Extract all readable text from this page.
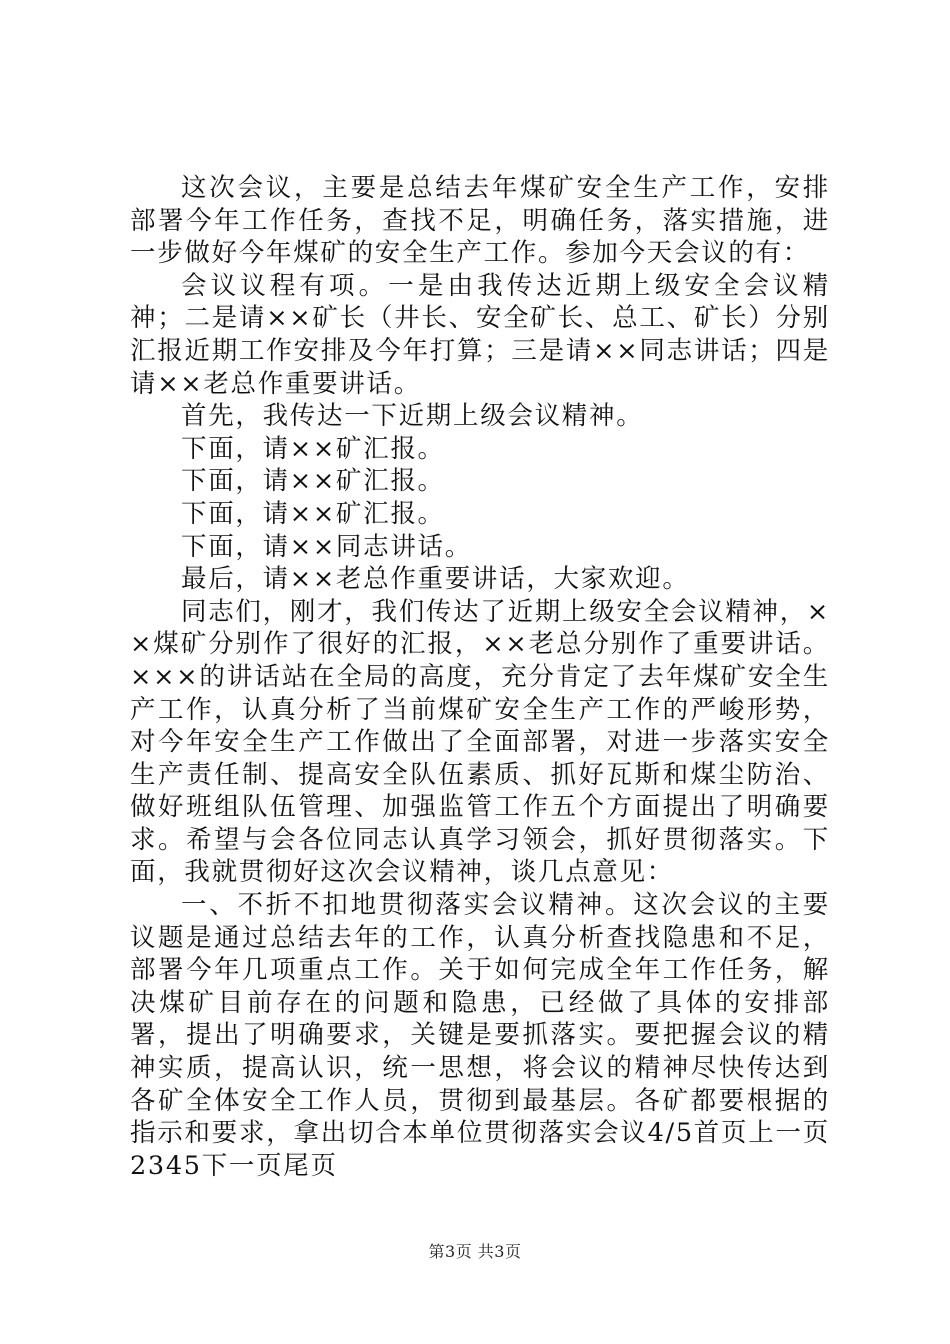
这次会议，主要是总结去年煤矿安全生产工作，安排部署今年工作任务，查找不足，明确任务，落实措施，进一步做好今年煤矿的安全生产工作。参加今天会议的有：

会议议程有项。一是由我传达近期上级安全会议精神；二是请××矿长（井长、安全矿长、总工、矿长）分别汇报近期工作安排及今年打算；三是请××同志讲话；四是请××老总作重要讲话。

首先，我传达一下近期上级会议精神。

下面，请××矿汇报。

下面，请××矿汇报。

下面，请××矿汇报。

下面，请××同志讲话。

最后，请××老总作重要讲话，大家欢迎。

同志们，刚才，我们传达了近期上级安全会议精神，××煤矿分别作了很好的汇报，××老总分别作了重要讲话。×××的讲话站在全局的高度，充分肯定了去年煤矿安全生产工作，认真分析了当前煤矿安全生产工作的严峻形势，对今年安全生产工作做出了全面部署，对进一步落实安全生产责任制、提高安全队伍素质、抓好瓦斯和煤尘防治、做好班组队伍管理、加强监管工作五个方面提出了明确要求。希望与会各位同志认真学习领会，抓好贯彻落实。下面，我就贯彻好这次会议精神，谈几点意见：

一、不折不扣地贯彻落实会议精神。这次会议的主要议题是通过总结去年的工作，认真分析查找隐患和不足，部署今年几项重点工作。关于如何完成全年工作任务，解决煤矿目前存在的问题和隐患，已经做了具体的安排部署，提出了明确要求，关键是要抓落实。要把握会议的精神实质，提高认识，统一思想，将会议的精神尽快传达到各矿全体安全工作人员，贯彻到最基层。各矿都要根据的指示和要求，拿出切合本单位贯彻落实会议4/5首页上一页2345下一页尾页

第3页 共3页
